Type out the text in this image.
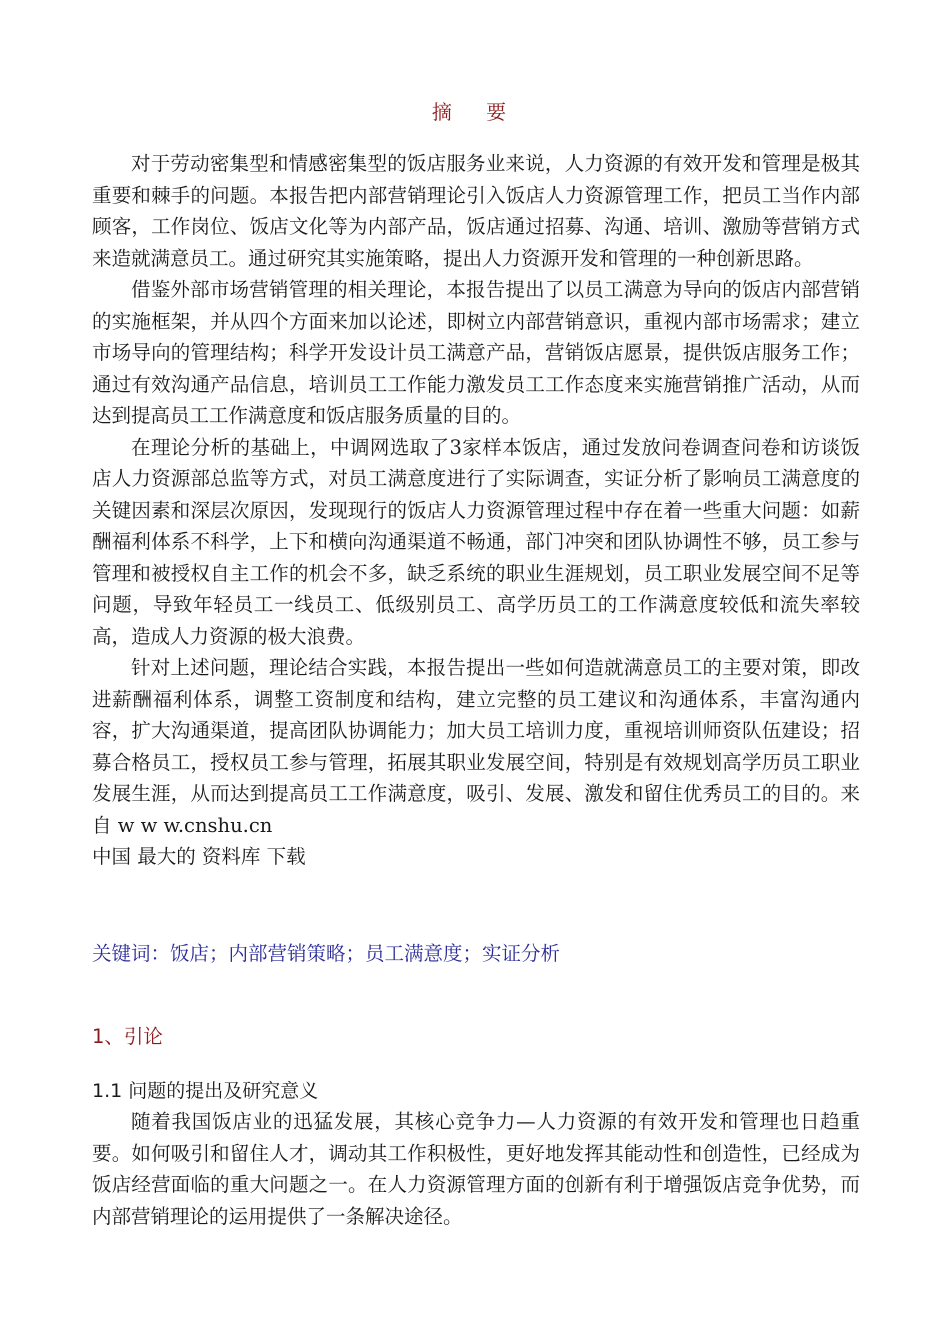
摘 要

对于劳动密集型和情感密集型的饭店服务业来说，人力资源的有效开发和管理是极其重要和棘手的问题。本报告把内部营销理论引入饭店人力资源管理工作，把员工当作内部顾客，工作岗位、饭店文化等为内部产品，饭店通过招募、沟通、培训、激励等营销方式来造就满意员工。通过研究其实施策略，提出人力资源开发和管理的一种创新思路。

借鉴外部市场营销管理的相关理论，本报告提出了以员工满意为导向的饭店内部营销的实施框架，并从四个方面来加以论述，即树立内部营销意识，重视内部市场需求；建立市场导向的管理结构；科学开发设计员工满意产品，营销饭店愿景，提供饭店服务工作；通过有效沟通产品信息，培训员工工作能力激发员工工作态度来实施营销推广活动，从而达到提高员工工作满意度和饭店服务质量的目的。

在理论分析的基础上，中调网选取了3家样本饭店，通过发放问卷调查问卷和访谈饭店人力资源部总监等方式，对员工满意度进行了实际调查，实证分析了影响员工满意度的关键因素和深层次原因，发现现行的饭店人力资源管理过程中存在着一些重大问题：如薪酬福利体系不科学，上下和横向沟通渠道不畅通，部门冲突和团队协调性不够，员工参与管理和被授权自主工作的机会不多，缺乏系统的职业生涯规划，员工职业发展空间不足等问题，导致年轻员工一线员工、低级别员工、高学历员工的工作满意度较低和流失率较高，造成人力资源的极大浪费。

针对上述问题，理论结合实践，本报告提出一些如何造就满意员工的主要对策，即改进薪酬福利体系，调整工资制度和结构，建立完整的员工建议和沟通体系，丰富沟通内容，扩大沟通渠道，提高团队协调能力；加大员工培训力度，重视培训师资队伍建设；招募合格员工，授权员工参与管理，拓展其职业发展空间，特别是有效规划高学历员工职业发展生涯，从而达到提高员工工作满意度，吸引、发展、激发和留住优秀员工的目的。来 自 w w w.cnshu.cn

中国 最大的 资料库 下载
关键词：饭店；内部营销策略；员工满意度；实证分析
1、引论
1.1 问题的提出及研究意义

随着我国饭店业的迅猛发展，其核心竞争力—人力资源的有效开发和管理也日趋重要。如何吸引和留住人才，调动其工作积极性，更好地发挥其能动性和创造性，已经成为饭店经营面临的重大问题之一。在人力资源管理方面的创新有利于增强饭店竞争优势，而内部营销理论的运用提供了一条解决途径。
